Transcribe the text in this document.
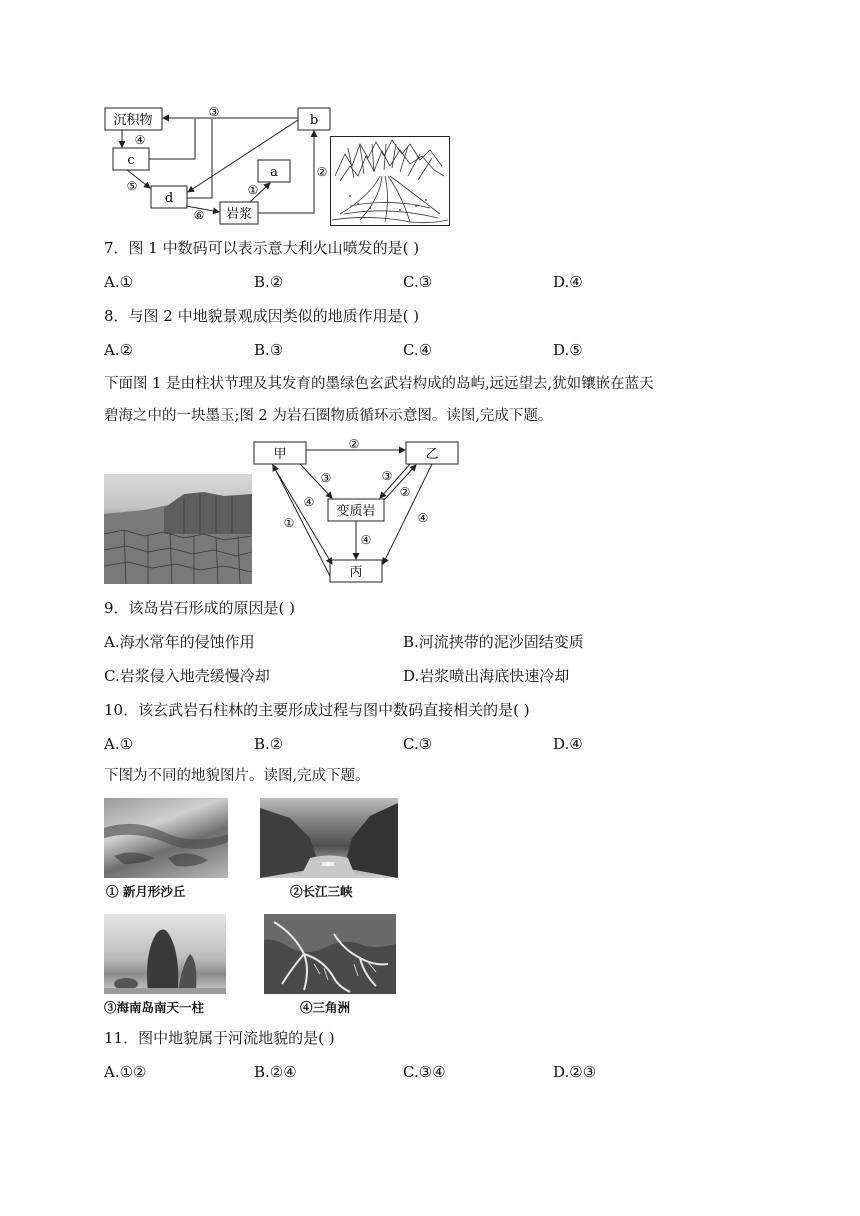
沉积物	b
c
a
d
岩浆
③
④
⑤
⑥
①
②
7．图 1 中数码可以表示意大利火山喷发的是( )
A.①	B.②	C.③	D.④
8．与图 2 中地貌景观成因类似的地质作用是( )
A.②	B.③	C.④	D.⑤
下面图 1 是由柱状节理及其发育的墨绿色玄武岩构成的岛屿,远远望去,犹如镶嵌在蓝天
碧海之中的一块墨玉;图 2 为岩石圈物质循环示意图。读图,完成下题。
甲	乙
变质岩
丙
②
③	③
④
②
①
④
④
9．该岛岩石形成的原因是( )
A.海水常年的侵蚀作用	B.河流挟带的泥沙固结变质
C.岩浆侵入地壳缓慢冷却	D.岩浆喷出海底快速冷却
10．该玄武岩石柱林的主要形成过程与图中数码直接相关的是( )
A.①	B.②	C.③	D.④
下图为不同的地貌图片。读图,完成下题。
① 新月形沙丘	②长江三峡
③海南岛南天一柱	④三角洲
11．图中地貌属于河流地貌的是( )
A.①②	B.②④	C.③④	D.②③
